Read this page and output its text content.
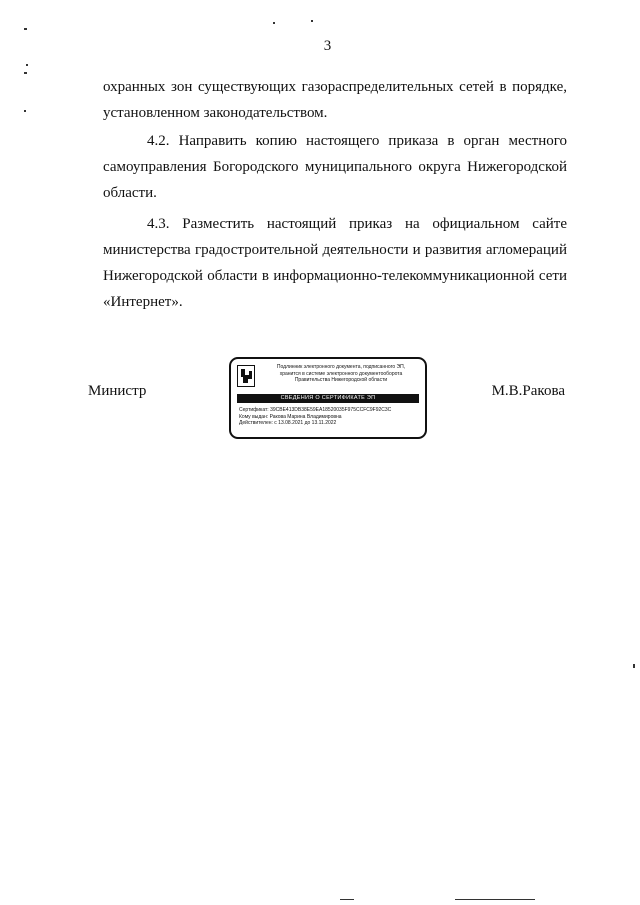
3
охранных зон существующих газораспределительных сетей в порядке,
установленном законодательством.
4.2. Направить копию настоящего приказа в орган местного
самоуправления Богородского муниципального округа Нижегородской
области.
4.3. Разместить настоящий приказ на официальном сайте
министерства градостроительной деятельности и развития агломераций
Нижегородской области в информационно-телекоммуникационной сети
«Интернет».
Министр	М.В.Ракова
Подлинник электронного документа, подписанного ЭП,
хранится в системе электронного документооборота
Правительства Нижегородской области
СВЕДЕНИЯ О СЕРТИФИКАТЕ ЭП
Сертификат: 39CBE413DB38E59EA18520035F975CCFC9F92C3C
Кому выдан: Ракова Марина Владимировна
Действителен: с 13.08.2021 до 13.11.2022
